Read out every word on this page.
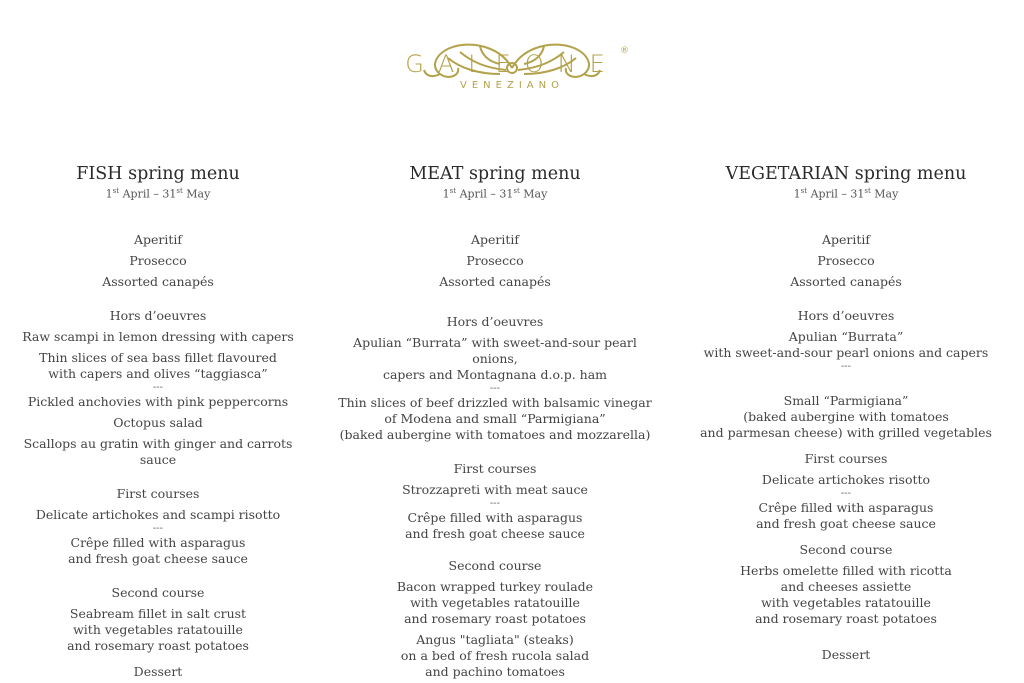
GALEONE ®
VENEZIANO
FISH spring menu
1st April – 31st May
Aperitif
Prosecco
Assorted canapés
Hors d’oeuvres
Raw scampi in lemon dressing with capers
Thin slices of sea bass fillet flavoured
with capers and olives “taggiasca”
---
Pickled anchovies with pink peppercorns
Octopus salad
Scallops au gratin with ginger and carrots sauce
First courses
Delicate artichokes and scampi risotto
---
Crêpe filled with asparagus
and fresh goat cheese sauce
Second course
Seabream fillet in salt crust
with vegetables ratatouille
and rosemary roast potatoes
Dessert
MEAT spring menu
1st April – 31st May
Aperitif
Prosecco
Assorted canapés
Hors d’oeuvres
Apulian “Burrata” with sweet-and-sour pearl onions,
capers and Montagnana d.o.p. ham
---
Thin slices of beef drizzled with balsamic vinegar
of Modena and small “Parmigiana”
(baked aubergine with tomatoes and mozzarella)
First courses
Strozzapreti with meat sauce
---
Crêpe filled with asparagus
and fresh goat cheese sauce
Second course
Bacon wrapped turkey roulade
with vegetables ratatouille
and rosemary roast potatoes
Angus "tagliata" (steaks)
on a bed of fresh rucola salad
and pachino tomatoes
VEGETARIAN spring menu
1st April – 31st May
Aperitif
Prosecco
Assorted canapés
Hors d’oeuvres
Apulian “Burrata”
with sweet-and-sour pearl onions and capers
---
Small “Parmigiana”
(baked aubergine with tomatoes
and parmesan cheese) with grilled vegetables
First courses
Delicate artichokes risotto
---
Crêpe filled with asparagus
and fresh goat cheese sauce
Second course
Herbs omelette filled with ricotta
and cheeses assiette
with vegetables ratatouille
and rosemary roast potatoes
Dessert
